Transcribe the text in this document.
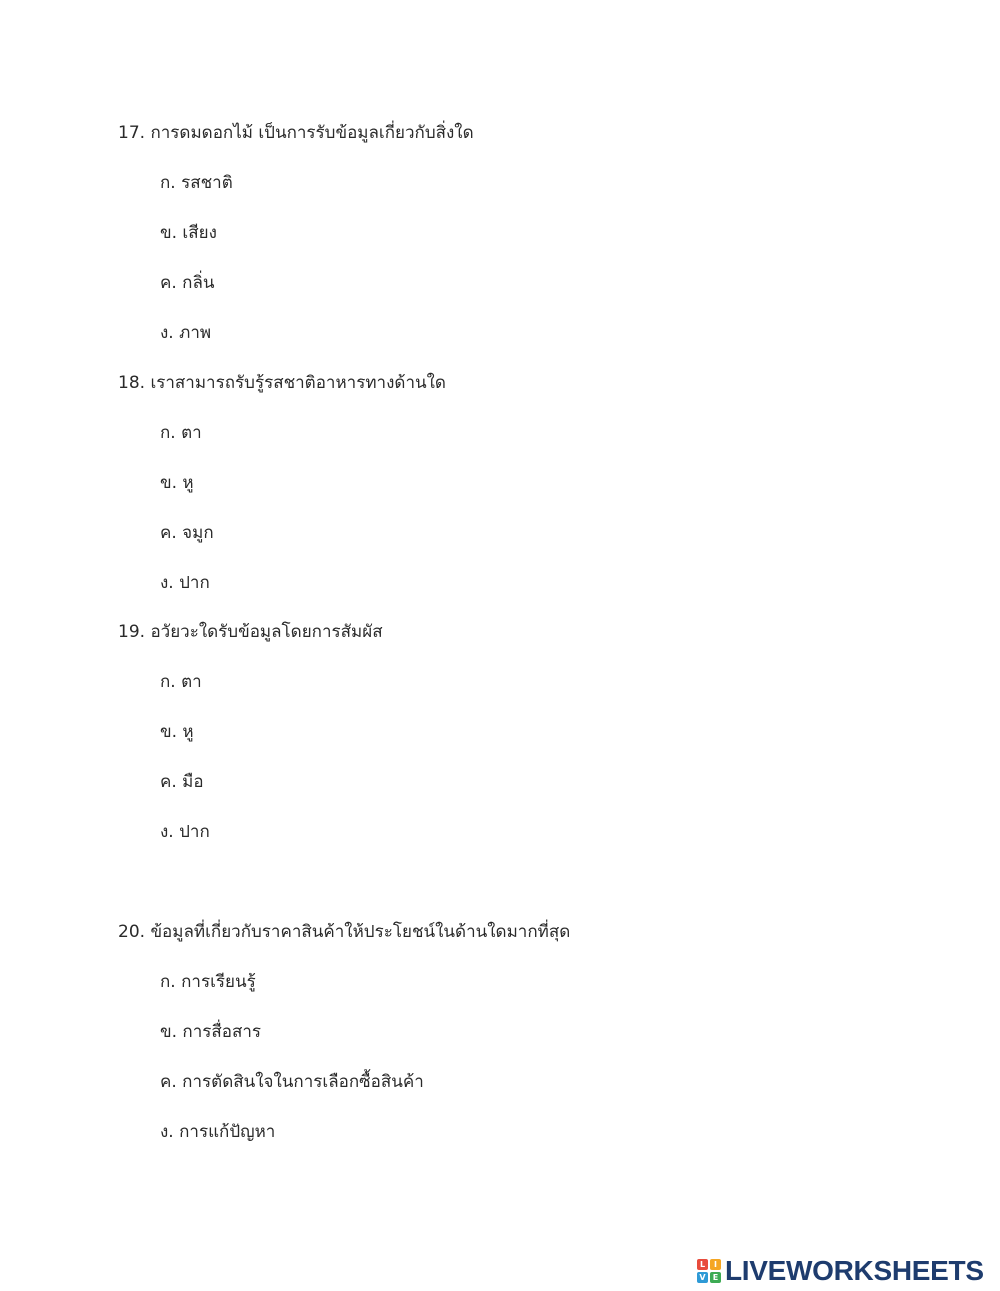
17. การดมดอกไม้ เป็นการรับข้อมูลเกี่ยวกับสิ่งใด
ก. รสชาติ
ข. เสียง
ค. กลิ่น
ง. ภาพ
18. เราสามารถรับรู้รสชาติอาหารทางด้านใด
ก. ตา
ข. หู
ค. จมูก
ง. ปาก
19. อวัยวะใดรับข้อมูลโดยการสัมผัส
ก. ตา
ข. หู
ค. มือ
ง. ปาก
20. ข้อมูลที่เกี่ยวกับราคาสินค้าให้ประโยชน์ในด้านใดมากที่สุด
ก. การเรียนรู้
ข. การสื่อสาร
ค. การตัดสินใจในการเลือกซื้อสินค้า
ง. การแก้ปัญหา
L	I
V E LIVEWORKSHEETS
